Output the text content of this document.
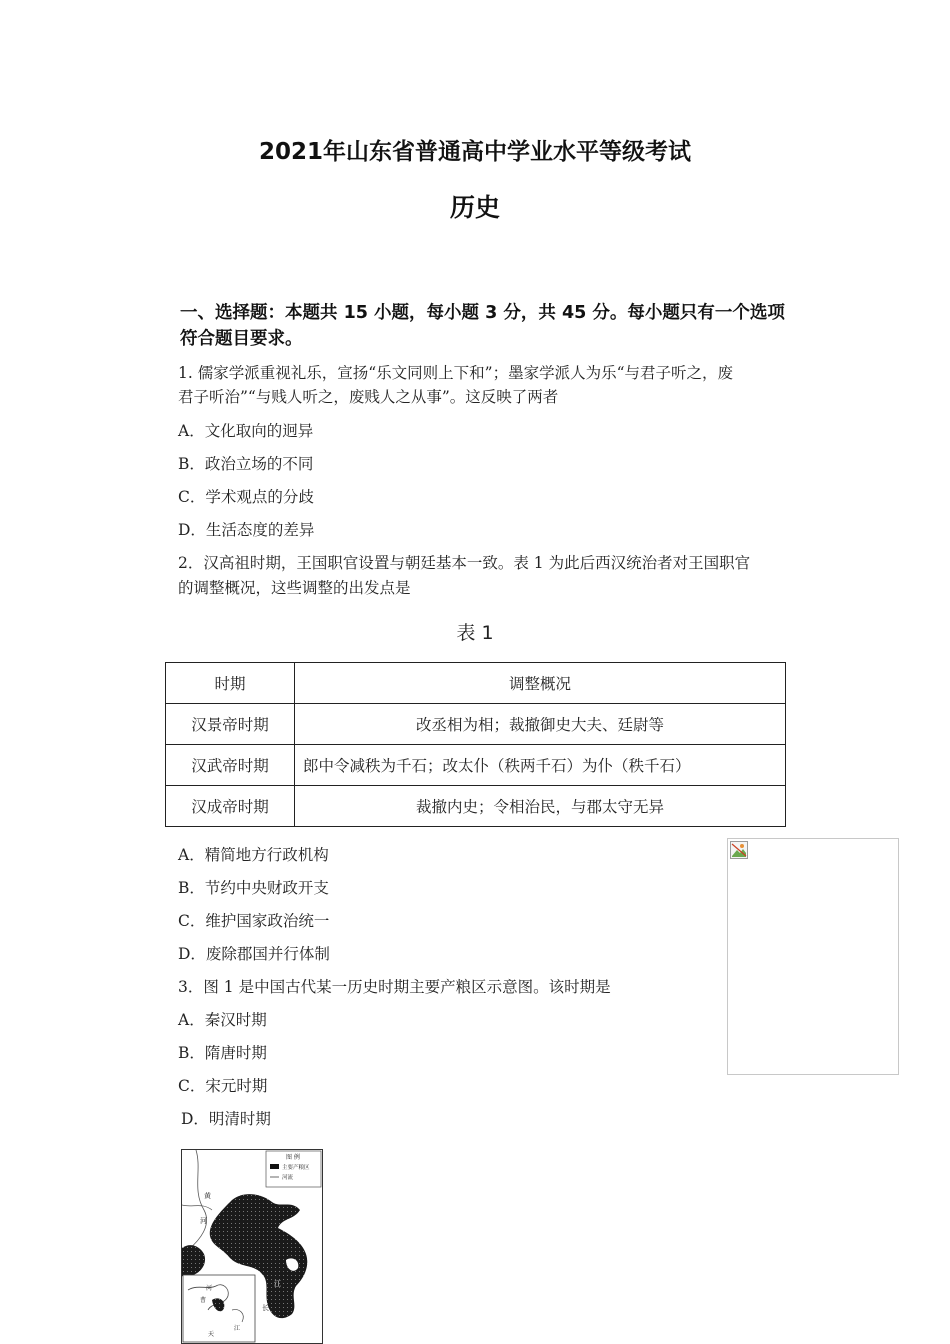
2021年山东省普通高中学业水平等级考试
历史
一、选择题：本题共 15 小题，每小题 3 分，共 45 分。每小题只有一个选项
符合题目要求。
1. 儒家学派重视礼乐，宣扬“乐文同则上下和”；墨家学派人为乐“与君子听之，废
君子听治”“与贱人听之，废贱人之从事”。这反映了两者
A．文化取向的迥异
B．政治立场的不同
C．学术观点的分歧
D．生活态度的差异
2．汉高祖时期，王国职官设置与朝廷基本一致。表 1 为此后西汉统治者对王国职官
的调整概况，这些调整的出发点是
表 1
时期	调整概况
汉景帝时期	改丞相为相；裁撤御史大夫、廷尉等
汉武帝时期	郎中令减秩为千石；改太仆（秩两千石）为仆（秩千石）
汉成帝时期	裁撤内史；令相治民，与郡太守无异
A．精简地方行政机构
B．节约中央财政开支
C．维护国家政治统一
D．废除郡国并行体制
3．图 1 是中国古代某一历史时期主要产粮区示意图。该时期是
A．秦汉时期
B．隋唐时期
C．宋元时期
D．明清时期
图 例
主要产粮区
河流
黄
河
江
长
河
曹
天
江
